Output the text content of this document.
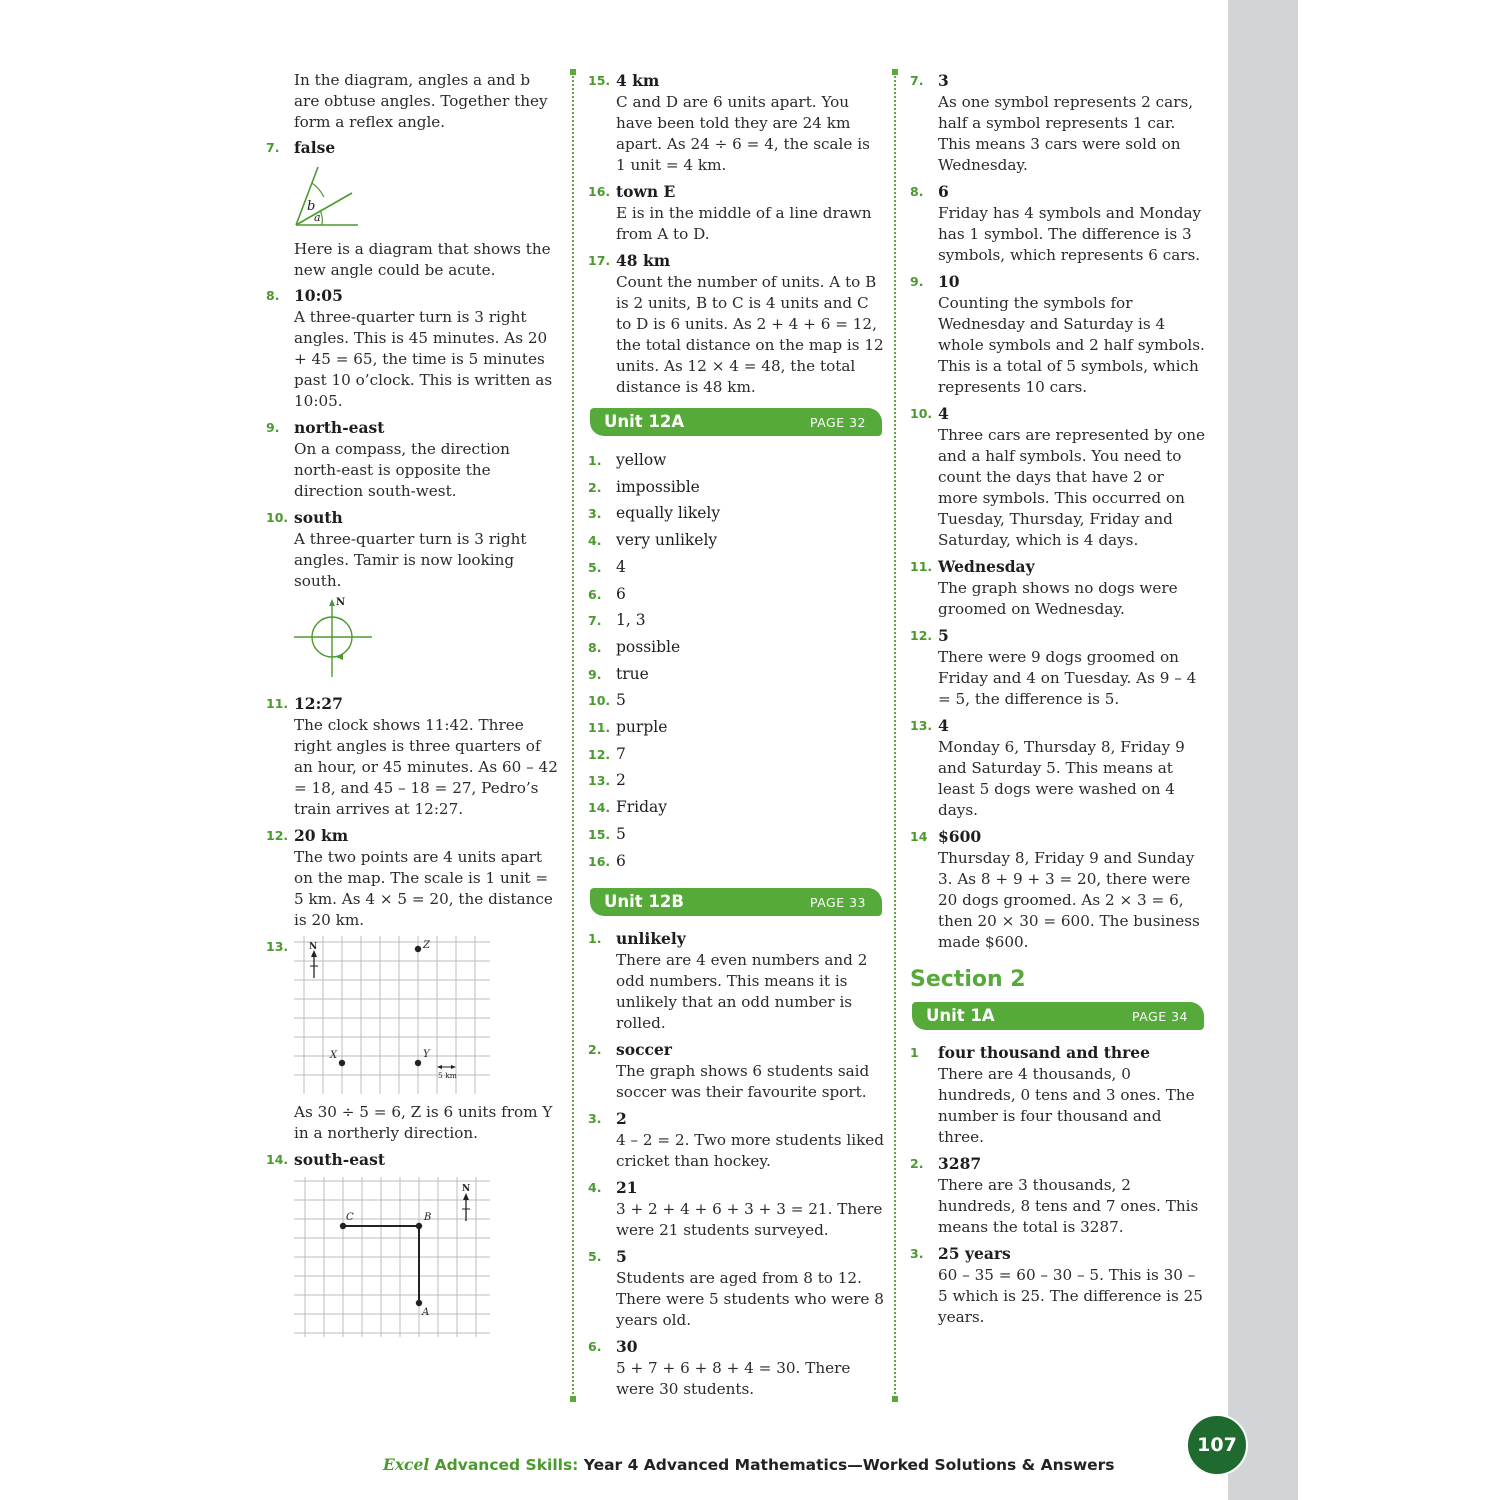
In the diagram, angles a and b are obtuse angles. Together they form a reflex angle.
7. false
b
a
Here is a diagram that shows the new angle could be acute.
8. 10:05
A three-quarter turn is 3 right angles. This is 45 minutes. As 20 + 45 = 65, the time is 5 minutes past 10 o’clock. This is written as 10:05.
9. north-east
On a compass, the direction north-east is opposite the direction south-west.
10. south
A three-quarter turn is 3 right angles. Tamir is now looking south.
N
11. 12:27
The clock shows 11:42. Three right angles is three quarters of an hour, or 45 minutes. As 60 – 42 = 18, and 45 – 18 = 27, Pedro’s train arrives at 12:27.
12. 20 km
The two points are 4 units apart on the map. The scale is 1 unit = 5 km. As 4 × 5 = 20, the distance is 20 km.
13. N	Z
X	Y
5 km
As 30 ÷ 5 = 6, Z is 6 units from Y in a northerly direction.
14. south-east
C	B
A
N
15. 4 km
C and D are 6 units apart. You have been told they are 24 km apart. As 24 ÷ 6 = 4, the scale is 1 unit = 4 km.
16. town E
E is in the middle of a line drawn from A to D.
17. 48 km
Count the number of units. A to B is 2 units, B to C is 4 units and C to D is 6 units. As 2 + 4 + 6 = 12, the total distance on the map is 12 units. As 12 × 4 = 48, the total distance is 48 km.
Unit 12A	PAGE 32
1. yellow
2. impossible
3. equally likely
4. very unlikely
5. 4
6. 6
7. 1, 3
8. possible
9. true
10. 5
11. purple
12. 7
13. 2
14. Friday
15. 5
16. 6
Unit 12B	PAGE 33
1. unlikely
There are 4 even numbers and 2 odd numbers. This means it is unlikely that an odd number is rolled.
2. soccer
The graph shows 6 students said soccer was their favourite sport.
3. 2
4 – 2 = 2. Two more students liked cricket than hockey.
4. 21
3 + 2 + 4 + 6 + 3 + 3 = 21. There were 21 students surveyed.
5. 5
Students are aged from 8 to 12. There were 5 students who were 8 years old.
6. 30
5 + 7 + 6 + 8 + 4 = 30. There were 30 students.
7. 3
As one symbol represents 2 cars, half a symbol represents 1 car. This means 3 cars were sold on Wednesday.
8. 6
Friday has 4 symbols and Monday has 1 symbol. The difference is 3 symbols, which represents 6 cars.
9. 10
Counting the symbols for Wednesday and Saturday is 4 whole symbols and 2 half symbols. This is a total of 5 symbols, which represents 10 cars.
10. 4
Three cars are represented by one and a half symbols. You need to count the days that have 2 or more symbols. This occurred on Tuesday, Thursday, Friday and Saturday, which is 4 days.
11. Wednesday
The graph shows no dogs were groomed on Wednesday.
12. 5
There were 9 dogs groomed on Friday and 4 on Tuesday. As 9 – 4 = 5, the difference is 5.
13. 4
Monday 6, Thursday 8, Friday 9 and Saturday 5. This means at least 5 dogs were washed on 4 days.
14 $600
Thursday 8, Friday 9 and Sunday 3. As 8 + 9 + 3 = 20, there were 20 dogs groomed. As 2 × 3 = 6, then 20 × 30 = 600. The business made $600.
Section 2
Unit 1A	PAGE 34
1 four thousand and three
There are 4 thousands, 0 hundreds, 0 tens and 3 ones. The number is four thousand and three.
2. 3287
There are 3 thousands, 2 hundreds, 8 tens and 7 ones. This means the total is 3287.
3. 25 years
60 – 35 = 60 – 30 – 5. This is 30 – 5 which is 25. The difference is 25 years.
Excel Advanced Skills: Year 4 Advanced Mathematics—Worked Solutions & Answers
107
